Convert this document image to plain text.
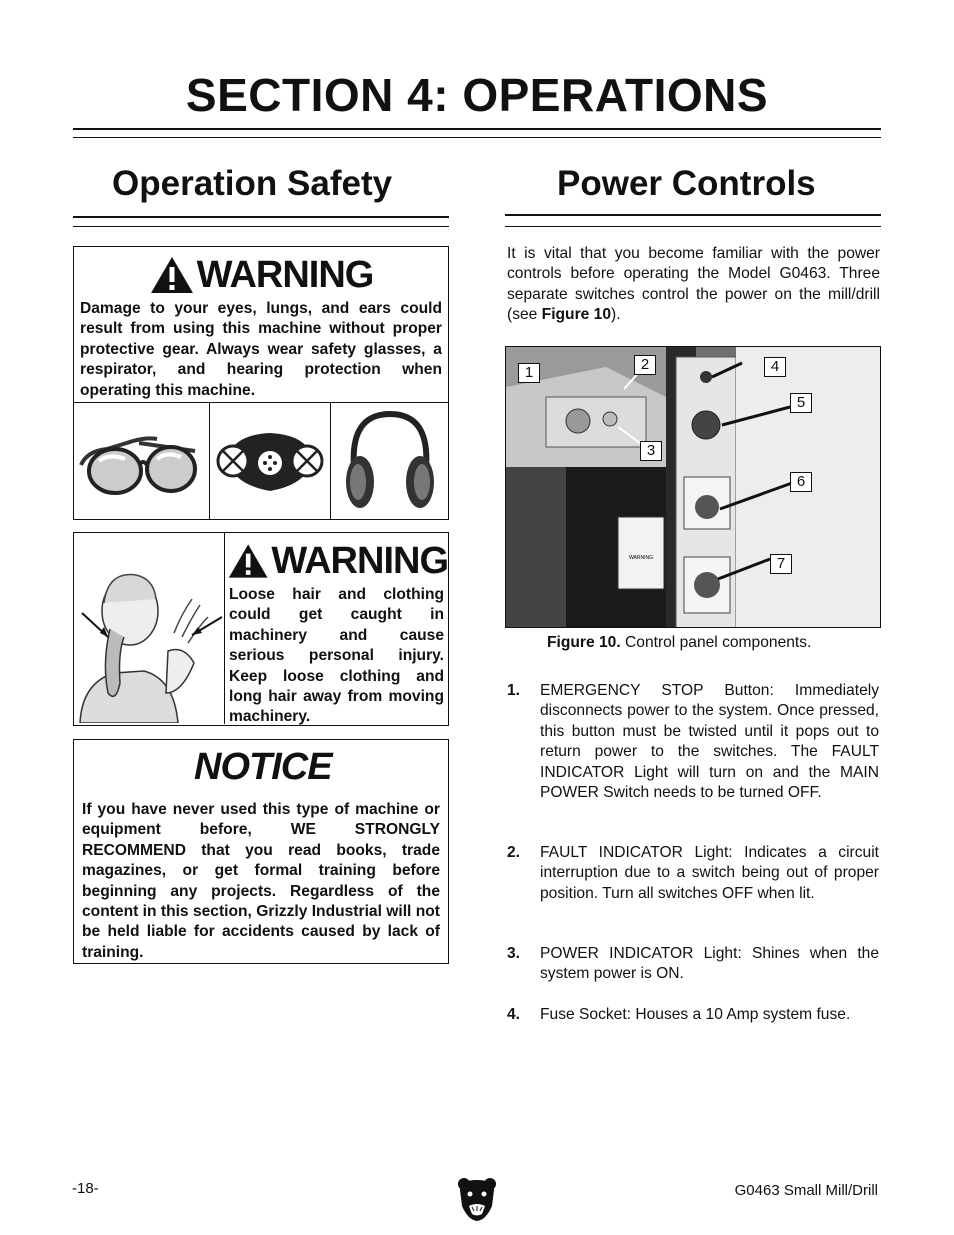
SECTION 4: OPERATIONS
Operation Safety
WARNING
Damage to your eyes, lungs, and ears could result from using this machine without proper protective gear. Always wear safety glasses, a respirator, and hearing protection when operating this machine.
WARNING
Loose hair and clothing could get caught in machinery and cause serious personal injury. Keep loose clothing and long hair away from moving machinery.
NOTICE
If you have never used this type of machine or equipment before, WE STRONGLY RECOMMEND that you read books, trade magazines, or get formal training before beginning any projects. Regardless of the content in this section, Grizzly Industrial will not be held liable for accidents caused by lack of training.
Power Controls
It is vital that you become familiar with the power controls before operating the Model G0463. Three separate switches control the power on the mill/drill (see Figure 10).
WARNING
1	2
3
4
5
6
7
Figure 10. Control panel components.
1. EMERGENCY STOP Button: Immediately disconnects power to the system. Once pressed, this button must be twisted until it pops out to return power to the switches. The FAULT INDICATOR Light will turn on and the MAIN POWER Switch needs to be turned OFF.
2. FAULT INDICATOR Light: Indicates a circuit interruption due to a switch being out of proper position. Turn all switches OFF when lit.
3. POWER INDICATOR Light: Shines when the system power is ON.
4. Fuse Socket: Houses a 10 Amp system fuse.
-18-	G0463 Small Mill/Drill
